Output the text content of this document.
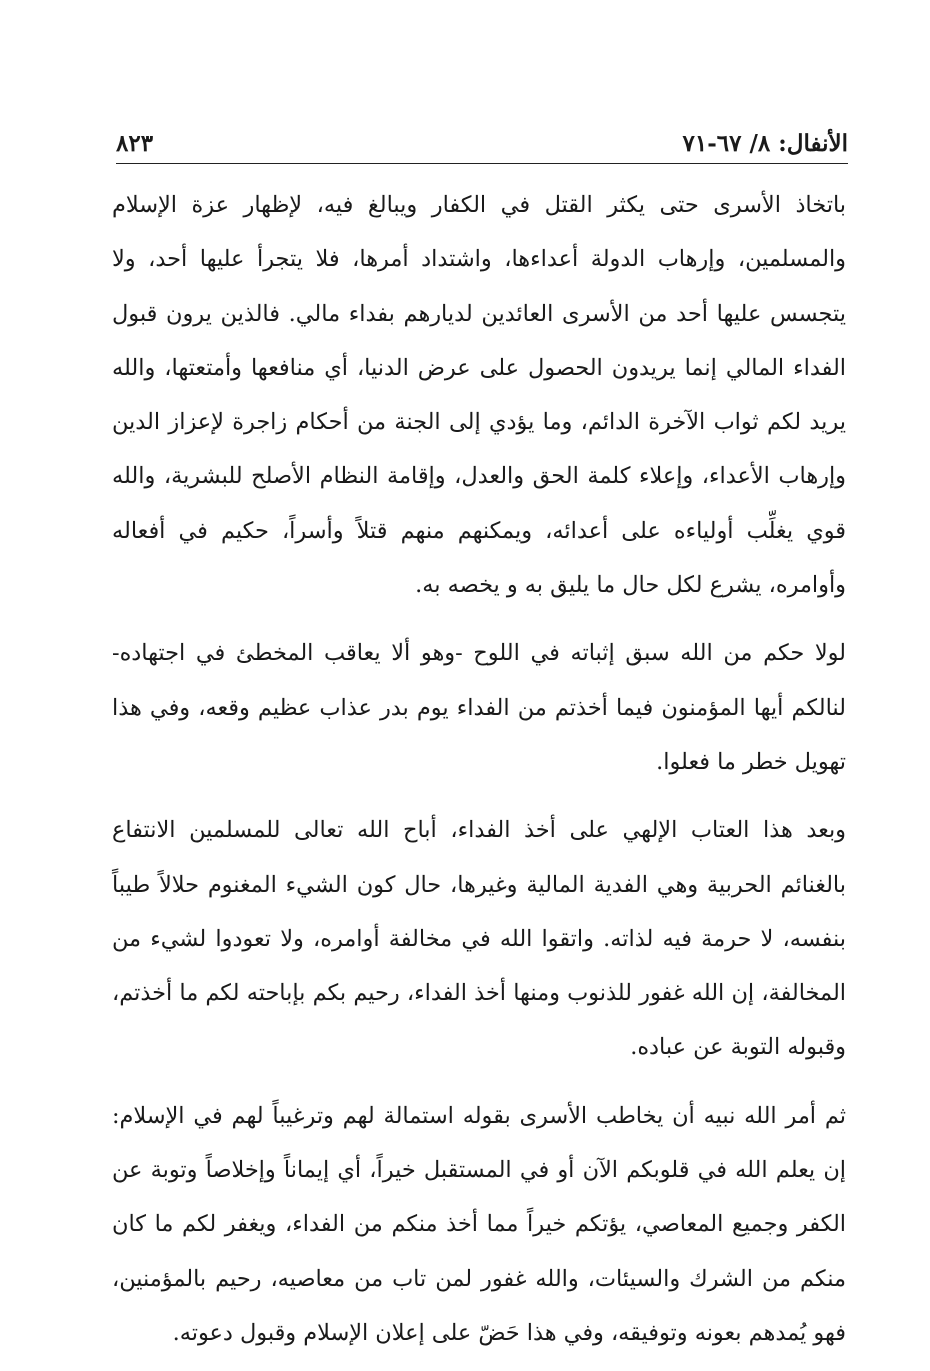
الأنفال: ٨/ ٦٧-٧١
٨٢٣

باتخاذ الأسرى حتى يكثر القتل في الكفار ويبالغ فيه، لإظهار عزة الإسلام والمسلمين، وإرهاب الدولة أعداءها، واشتداد أمرها، فلا يتجرأ عليها أحد، ولا يتجسس عليها أحد من الأسرى العائدين لديارهم بفداء مالي. فالذين يرون قبول الفداء المالي إنما يريدون الحصول على عرض الدنيا، أي منافعها وأمتعتها، والله يريد لكم ثواب الآخرة الدائم، وما يؤدي إلى الجنة من أحكام زاجرة لإعزاز الدين وإرهاب الأعداء، وإعلاء كلمة الحق والعدل، وإقامة النظام الأصلح للبشرية، والله قوي يغلِّب أولياءه على أعدائه، ويمكنهم منهم قتلاً وأسراً، حكيم في أفعاله وأوامره، يشرع لكل حال ما يليق به و يخصه به.

لولا حكم من الله سبق إثباته في اللوح -وهو ألا يعاقب المخطئ في اجتهاده- لنالكم أيها المؤمنون فيما أخذتم من الفداء يوم بدر عذاب عظيم وقعه، وفي هذا تهويل خطر ما فعلوا.

وبعد هذا العتاب الإلهي على أخذ الفداء، أباح الله تعالى للمسلمين الانتفاع بالغنائم الحربية وهي الفدية المالية وغيرها، حال كون الشيء المغنوم حلالاً طيباً بنفسه، لا حرمة فيه لذاته. واتقوا الله في مخالفة أوامره، ولا تعودوا لشيء من المخالفة، إن الله غفور للذنوب ومنها أخذ الفداء، رحيم بكم بإباحته لكم ما أخذتم، وقبوله التوبة عن عباده.

ثم أمر الله نبيه أن يخاطب الأسرى بقوله استمالة لهم وترغيباً لهم في الإسلام: إن يعلم الله في قلوبكم الآن أو في المستقبل خيراً، أي إيماناً وإخلاصاً وتوبة عن الكفر وجميع المعاصي، يؤتكم خيراً مما أخذ منكم من الفداء، ويغفر لكم ما كان منكم من الشرك والسيئات، والله غفور لمن تاب من معاصيه، رحيم بالمؤمنين، فهو يُمدهم بعونه وتوفيقه، وفي هذا حَضّ على إعلان الإسلام وقبول دعوته.
